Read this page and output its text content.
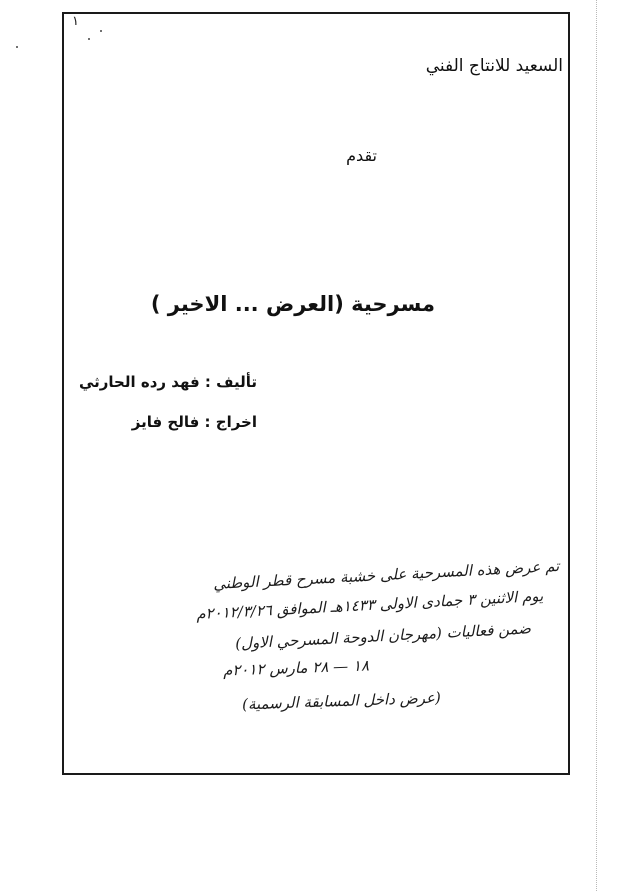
١
السعيد للانتاج الفني
تقدم
مسرحية (العرض ... الاخير )
تأليف : فهد رده الحارثي
اخراج : فالح فايز
تم عرض هذه المسرحية على خشبة مسرح قطر الوطني
يوم الاثنين ٣ جمادى الاولى ١٤٣٣هـ الموافق ٢٠١٢/٣/٢٦م
ضمن فعاليات (مهرجان الدوحة المسرحي الاول)
١٨ — ٢٨ مارس ٢٠١٢م
(عرض داخل المسابقة الرسمية)
